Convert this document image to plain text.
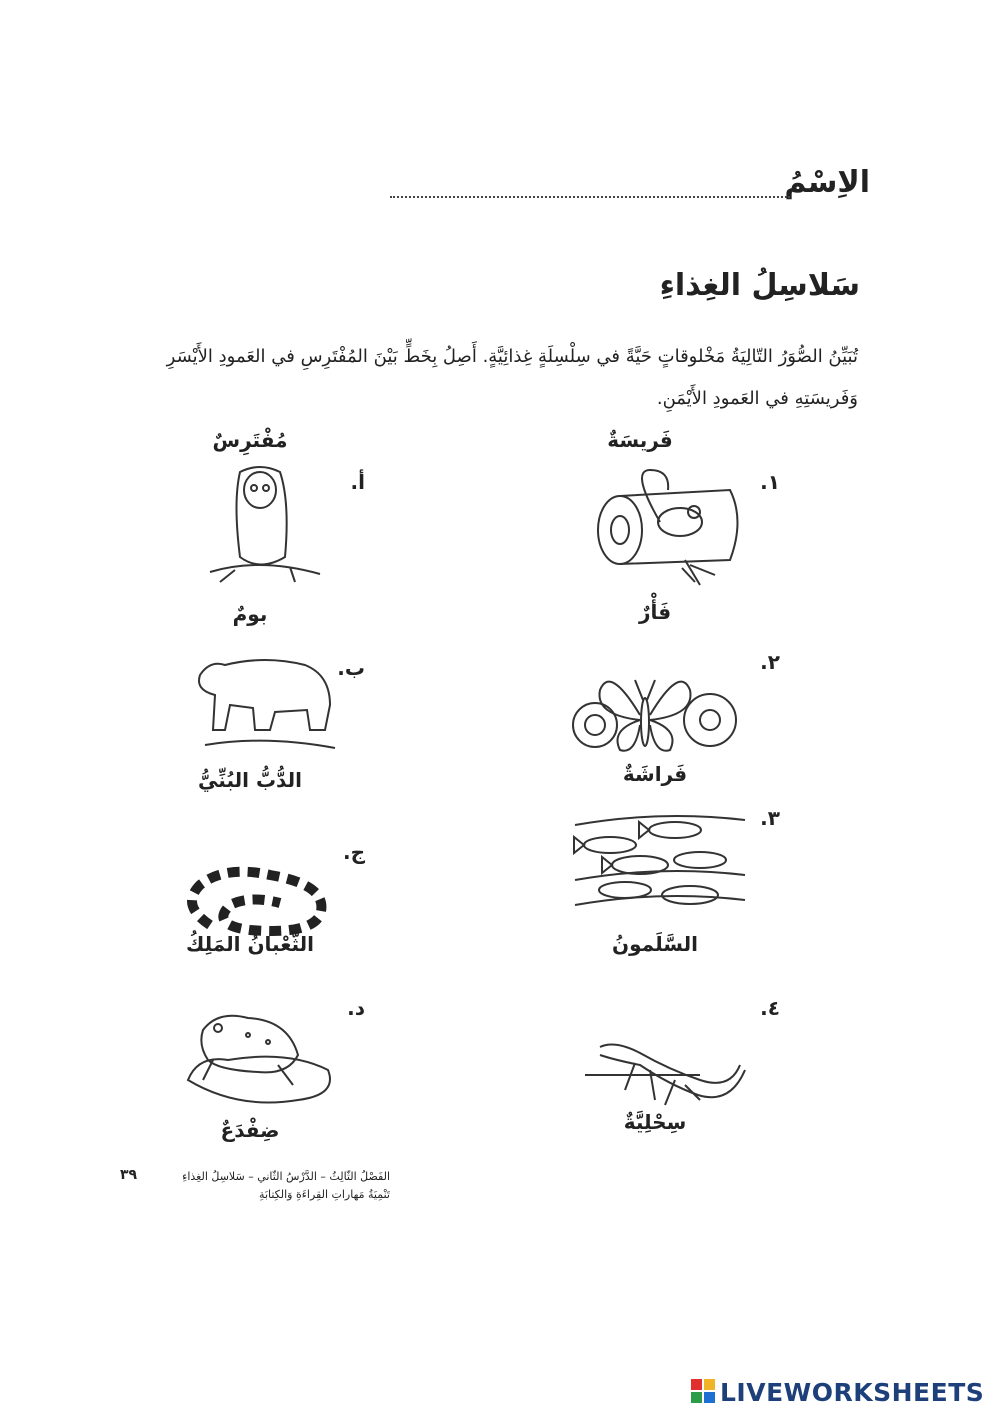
الاِسْمُ
سَلاسِلُ الغِذاءِ
تُبَيِّنُ الصُّوَرُ التّالِيَةُ مَخْلوقاتٍ حَيَّةً في سِلْسِلَةٍ غِذائِيَّةٍ. أَصِلُ بِخَطٍّ بَيْنَ المُفْتَرِسِ في العَمودِ الأَيْسَرِ وَفَريسَتِهِ في العَمودِ الأَيْمَنِ.
فَريسَةٌ
مُفْتَرِسٌ
١.
فَأْرٌ
٢.
فَراشَةٌ
٣.
السَّلَمونُ
٤.
سِحْلِيَّةٌ
أ.
بومٌ
ب.
الدُّبُّ البُنِّيُّ
ج.
الثُّعْبانُ المَلِكُ
د.
ضِفْدَعٌ
٣٩	الفَصْلُ الثّالِثُ – الدَّرْسُ الثّاني – سَلاسِلُ الغِذاءِ
تَنْمِيَةُ مَهاراتِ القِراءَةِ وَالكِتابَةِ
LIVEWORKSHEETS
